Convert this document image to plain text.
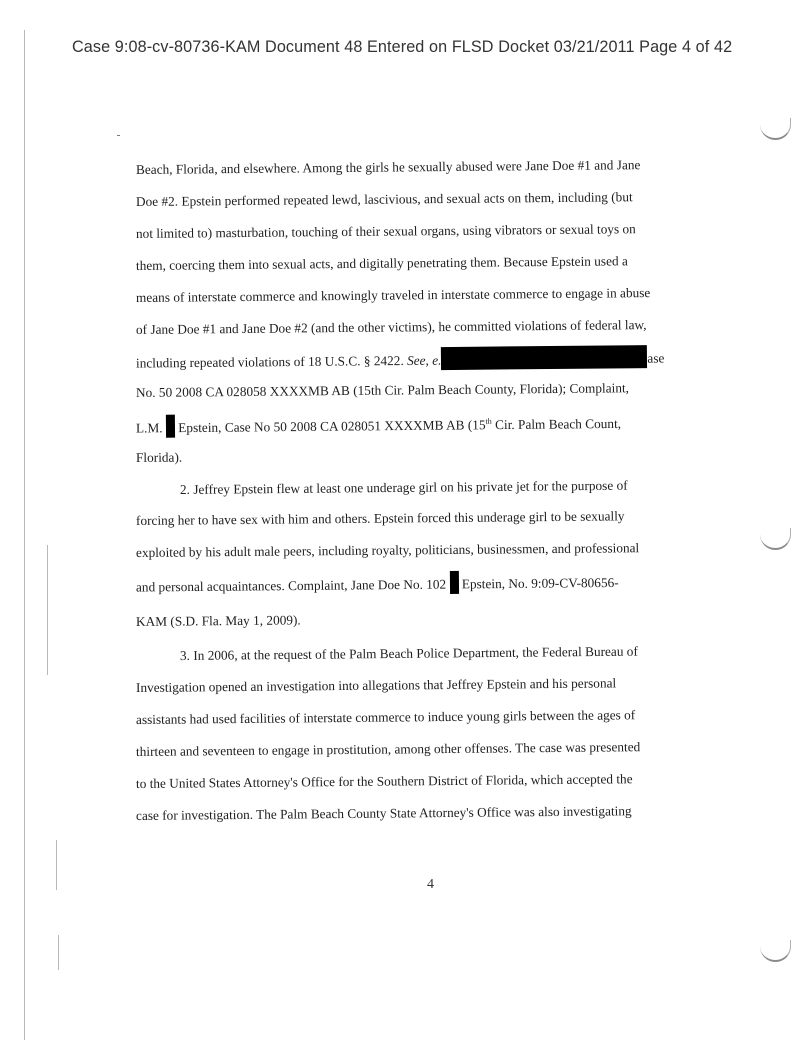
Case 9:08-cv-80736-KAM Document 48 Entered on FLSD Docket 03/21/2011 Page 4 of 42
Beach, Florida, and elsewhere. Among the girls he sexually abused were Jane Doe #1 and Jane
Doe #2. Epstein performed repeated lewd, lascivious, and sexual acts on them, including (but
not limited to) masturbation, touching of their sexual organs, using vibrators or sexual toys on
them, coercing them into sexual acts, and digitally penetrating them. Because Epstein used a
means of interstate commerce and knowingly traveled in interstate commerce to engage in abuse
of Jane Doe #1 and Jane Doe #2 (and the other victims), he committed violations of federal law,
including repeated violations of 18 U.S.C. § 2422. See, e.	ase
No. 50 2008 CA 028058 XXXXMB AB (15th Cir. Palm Beach County, Florida); Complaint,
L.M. Epstein, Case No 50 2008 CA 028051 XXXXMB AB (15th Cir. Palm Beach Count,
Florida).
2. Jeffrey Epstein flew at least one underage girl on his private jet for the purpose of
forcing her to have sex with him and others. Epstein forced this underage girl to be sexually
exploited by his adult male peers, including royalty, politicians, businessmen, and professional
and personal acquaintances. Complaint, Jane Doe No. 102 Epstein, No. 9:09-CV-80656-
KAM (S.D. Fla. May 1, 2009).
3. In 2006, at the request of the Palm Beach Police Department, the Federal Bureau of
Investigation opened an investigation into allegations that Jeffrey Epstein and his personal
assistants had used facilities of interstate commerce to induce young girls between the ages of
thirteen and seventeen to engage in prostitution, among other offenses. The case was presented
to the United States Attorney's Office for the Southern District of Florida, which accepted the
case for investigation. The Palm Beach County State Attorney's Office was also investigating
4
